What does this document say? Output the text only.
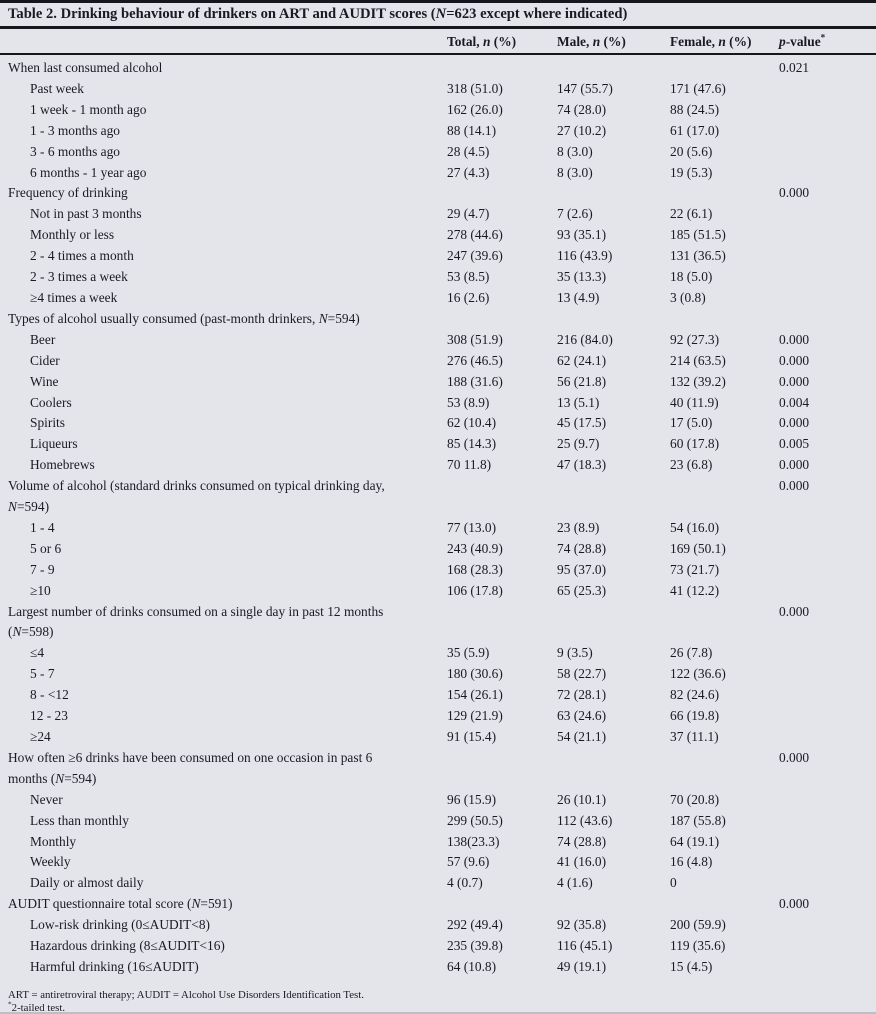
Table 2. Drinking behaviour of drinkers on ART and AUDIT scores (N=623 except where indicated)
Total, n (%)	Male, n (%)	Female, n (%)	p-value*
When last consumed alcohol	0.021
Past week	318 (51.0)	147 (55.7)	171 (47.6)
1 week - 1 month ago	162 (26.0)	74 (28.0)	88 (24.5)
1 - 3 months ago	88 (14.1)	27 (10.2)	61 (17.0)
3 - 6 months ago	28 (4.5)	8 (3.0)	20 (5.6)
6 months - 1 year ago	27 (4.3)	8 (3.0)	19 (5.3)
Frequency of drinking	0.000
Not in past 3 months	29 (4.7)	7 (2.6)	22 (6.1)
Monthly or less	278 (44.6)	93 (35.1)	185 (51.5)
2 - 4 times a month	247 (39.6)	116 (43.9)	131 (36.5)
2 - 3 times a week	53 (8.5)	35 (13.3)	18 (5.0)
≥4 times a week	16 (2.6)	13 (4.9)	3 (0.8)
Types of alcohol usually consumed (past-month drinkers, N=594)
Beer	308 (51.9)	216 (84.0)	92 (27.3)	0.000
Cider	276 (46.5)	62 (24.1)	214 (63.5)	0.000
Wine	188 (31.6)	56 (21.8)	132 (39.2)	0.000
Coolers	53 (8.9)	13 (5.1)	40 (11.9)	0.004
Spirits	62 (10.4)	45 (17.5)	17 (5.0)	0.000
Liqueurs	85 (14.3)	25 (9.7)	60 (17.8)	0.005
Homebrews	70 11.8)	47 (18.3)	23 (6.8)	0.000
Volume of alcohol (standard drinks consumed on typical drinking day,
N=594)
0.000
1 - 4	77 (13.0)	23 (8.9)	54 (16.0)
5 or 6	243 (40.9)	74 (28.8)	169 (50.1)
7 - 9	168 (28.3)	95 (37.0)	73 (21.7)
≥10	106 (17.8)	65 (25.3)	41 (12.2)
Largest number of drinks consumed on a single day in past 12 months
(N=598)
0.000
≤4	35 (5.9)	9 (3.5)	26 (7.8)
5 - 7	180 (30.6)	58 (22.7)	122 (36.6)
8 - <12	154 (26.1)	72 (28.1)	82 (24.6)
12 - 23	129 (21.9)	63 (24.6)	66 (19.8)
≥24	91 (15.4)	54 (21.1)	37 (11.1)
How often ≥6 drinks have been consumed on one occasion in past 6
months (N=594)
0.000
Never	96 (15.9)	26 (10.1)	70 (20.8)
Less than monthly	299 (50.5)	112 (43.6)	187 (55.8)
Monthly	138(23.3)	74 (28.8)	64 (19.1)
Weekly	57 (9.6)	41 (16.0)	16 (4.8)
Daily or almost daily	4 (0.7)	4 (1.6)	0
AUDIT questionnaire total score (N=591)	0.000
Low-risk drinking (0≤AUDIT<8)	292 (49.4)	92 (35.8)	200 (59.9)
Hazardous drinking (8≤AUDIT<16)	235 (39.8)	116 (45.1)	119 (35.6)
Harmful drinking (16≤AUDIT)	64 (10.8)	49 (19.1)	15 (4.5)
ART = antiretroviral therapy; AUDIT = Alcohol Use Disorders Identification Test.
*2-tailed test.
